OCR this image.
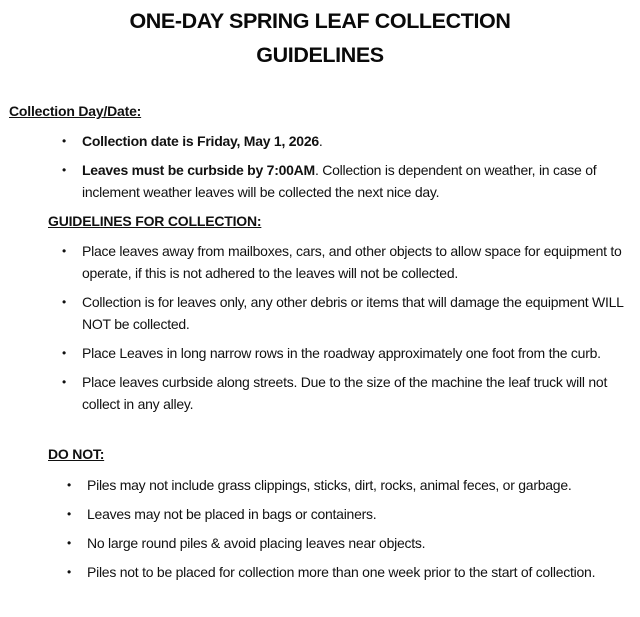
ONE-DAY SPRING LEAF COLLECTION
GUIDELINES
Collection Day/Date:
• Collection date is Friday, May 1, 2026.
• Leaves must be curbside by 7:00AM. Collection is dependent on weather, in case of inclement weather leaves will be collected the next nice day.
GUIDELINES FOR COLLECTION:
• Place leaves away from mailboxes, cars, and other objects to allow space for equipment to operate, if this is not adhered to the leaves will not be collected.
• Collection is for leaves only, any other debris or items that will damage the equipment WILL NOT be collected.
• Place Leaves in long narrow rows in the roadway approximately one foot from the curb.
• Place leaves curbside along streets. Due to the size of the machine the leaf truck will not collect in any alley.
DO NOT:
• Piles may not include grass clippings, sticks, dirt, rocks, animal feces, or garbage.
• Leaves may not be placed in bags or containers.
• No large round piles & avoid placing leaves near objects.
• Piles not to be placed for collection more than one week prior to the start of collection.
